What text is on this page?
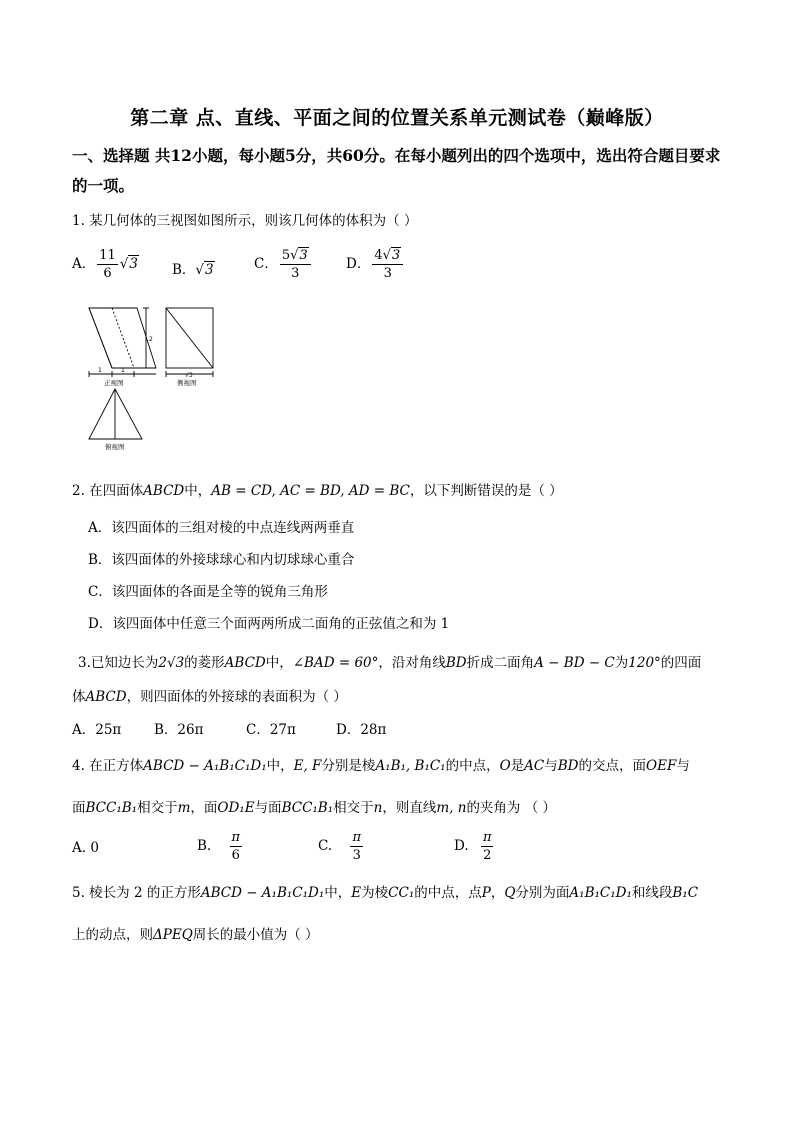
第二章 点、直线、平面之间的位置关系单元测试卷（巅峰版）
一、选择题 共12小题，每小题5分，共60分。在每小题列出的四个选项中，选出符合题目要求的一项。
1. 某几何体的三视图如图所示，则该几何体的体积为（ ）
A． $\frac{11}{6} √3$	B．√3	C． $\frac{5√3}{3}$	D． $\frac{4√3}{3}$
2
1	1
正视图
√3
侧视图
俯视图
2. 在四面体ABCD中，AB = CD, AC = BD, AD = BC，以下判断错误的是（ ）
A．该四面体的三组对棱的中点连线两两垂直
B．该四面体的外接球球心和内切球球心重合
C．该四面体的各面是全等的锐角三角形
D．该四面体中任意三个面两两所成二面角的正弦值之和为 1
3.已知边长为2√3的菱形ABCD中，∠BAD = 60°，沿对角线BD折成二面角A − BD − C为120°的四面
体ABCD，则四面体的外接球的表面积为（ ）
A．25π B．26π	C．27π	D．28π
4. 在正方体ABCD − A₁B₁C₁D₁中，E, F分别是棱A₁B₁, B₁C₁的中点，O是AC与BD的交点，面OEF与
面BCC₁B₁相交于m，面OD₁E与面BCC₁B₁相交于n，则直线m, n的夹角为 （ ）
A. 0	B. $\frac{\pi}{6}$	C. $\frac{\pi}{3}$	D. $\frac{\pi}{2}$
5. 棱长为 2 的正方形ABCD − A₁B₁C₁D₁中，E为棱CC₁的中点，点P，Q分别为面A₁B₁C₁D₁和线段B₁C
上的动点，则ΔPEQ周长的最小值为（ ）
